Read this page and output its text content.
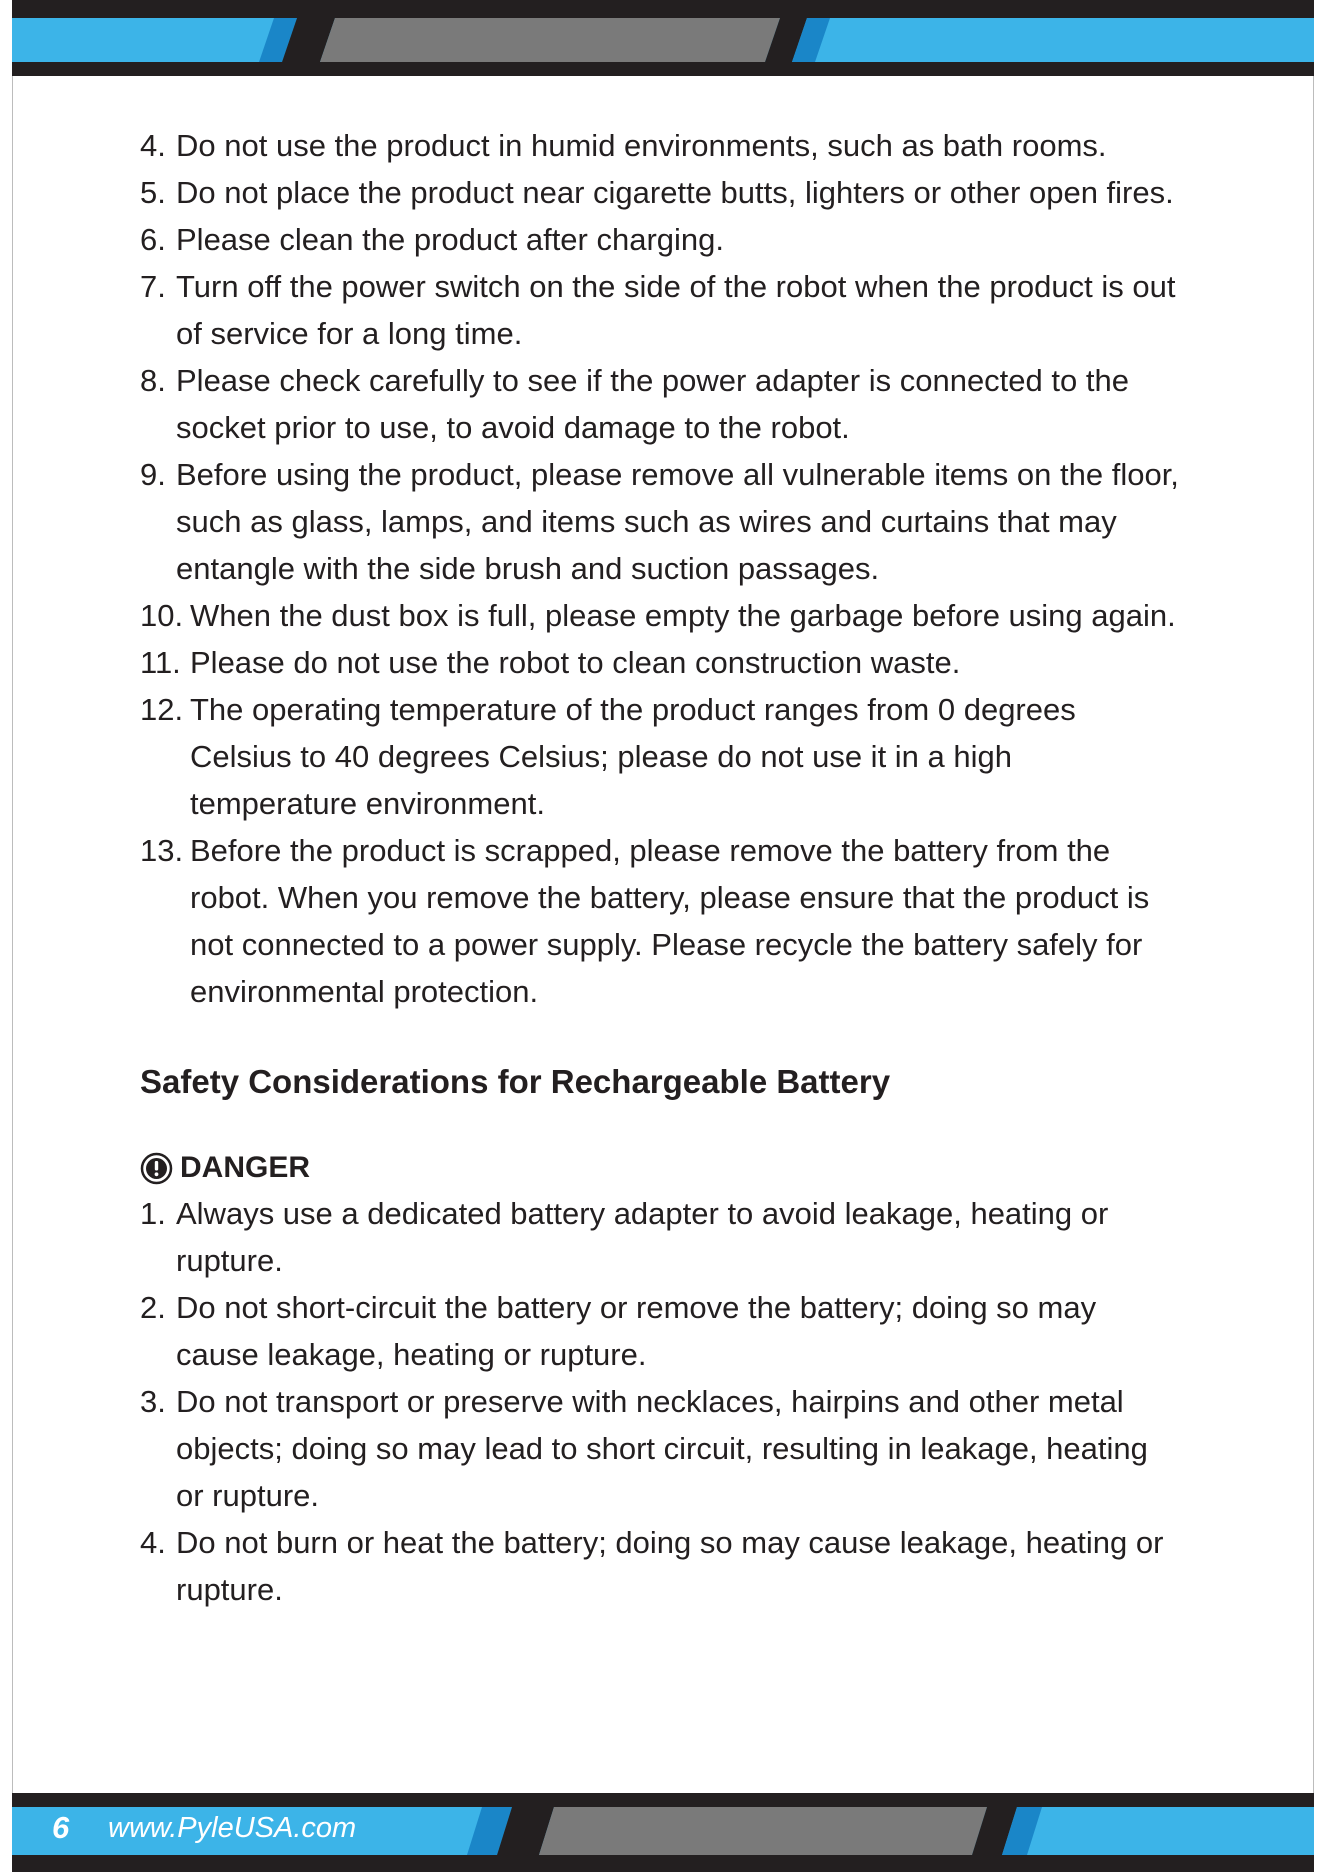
4. Do not use the product in humid environments, such as bath rooms.
5. Do not place the product near cigarette butts, lighters or other open fires.
6. Please clean the product after charging.
7. Turn off the power switch on the side of the robot when the product is out of service for a long time.
8. Please check carefully to see if the power adapter is connected to the socket prior to use, to avoid damage to the robot.
9. Before using the product, please remove all vulnerable items on the floor, such as glass, lamps, and items such as wires and curtains that may entangle with the side brush and suction passages.
10. When the dust box is full, please empty the garbage before using again.
11. Please do not use the robot to clean construction waste.
12. The operating temperature of the product ranges from 0 degrees Celsius to 40 degrees Celsius; please do not use it in a high temperature environment.
13. Before the product is scrapped, please remove the battery from the robot. When you remove the battery, please ensure that the product is not connected to a power supply. Please recycle the battery safely for environmental protection.
Safety Considerations for Rechargeable Battery
DANGER
1. Always use a dedicated battery adapter to avoid leakage, heating or rupture.
2. Do not short-circuit the battery or remove the battery; doing so may cause leakage, heating or rupture.
3. Do not transport or preserve with necklaces, hairpins and other metal objects; doing so may lead to short circuit, resulting in leakage, heating or rupture.
4. Do not burn or heat the battery; doing so may cause leakage, heating or rupture.
6 www.PyleUSA.com
